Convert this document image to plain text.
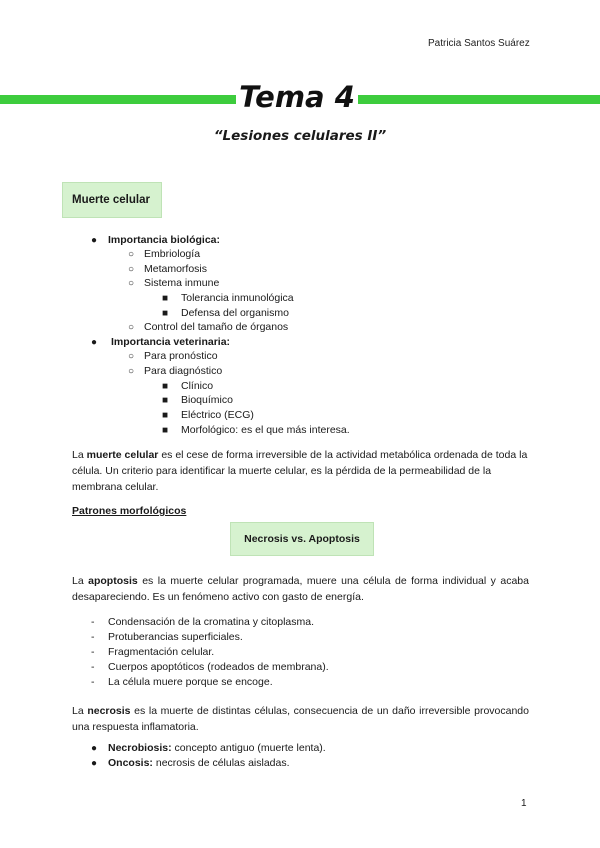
Patricia Santos Suárez
Tema 4
“Lesiones celulares II”
Muerte celular
● Importancia biológica:
○ Embriología
○ Metamorfosis
○ Sistema inmune
■ Tolerancia inmunológica
■ Defensa del organismo
○ Control del tamaño de órganos
● Importancia veterinaria:
○ Para pronóstico
○ Para diagnóstico
■ Clínico
■ Bioquímico
■ Eléctrico (ECG)
■ Morfológico: es el que más interesa.
La muerte celular es el cese de forma irreversible de la actividad metabólica ordenada de toda la célula. Un criterio para identificar la muerte celular, es la pérdida de la permeabilidad de la membrana celular.
Patrones morfológicos
Necrosis vs. Apoptosis
La apoptosis es la muerte celular programada, muere una célula de forma individual y acaba desapareciendo. Es un fenómeno activo con gasto de energía.
- Condensación de la cromatina y citoplasma.
- Protuberancias superficiales.
- Fragmentación celular.
- Cuerpos apoptóticos (rodeados de membrana).
- La célula muere porque se encoge.
La necrosis es la muerte de distintas células, consecuencia de un daño irreversible provocando una respuesta inflamatoria.
● Necrobiosis: concepto antiguo (muerte lenta).
● Oncosis: necrosis de células aisladas.
1
